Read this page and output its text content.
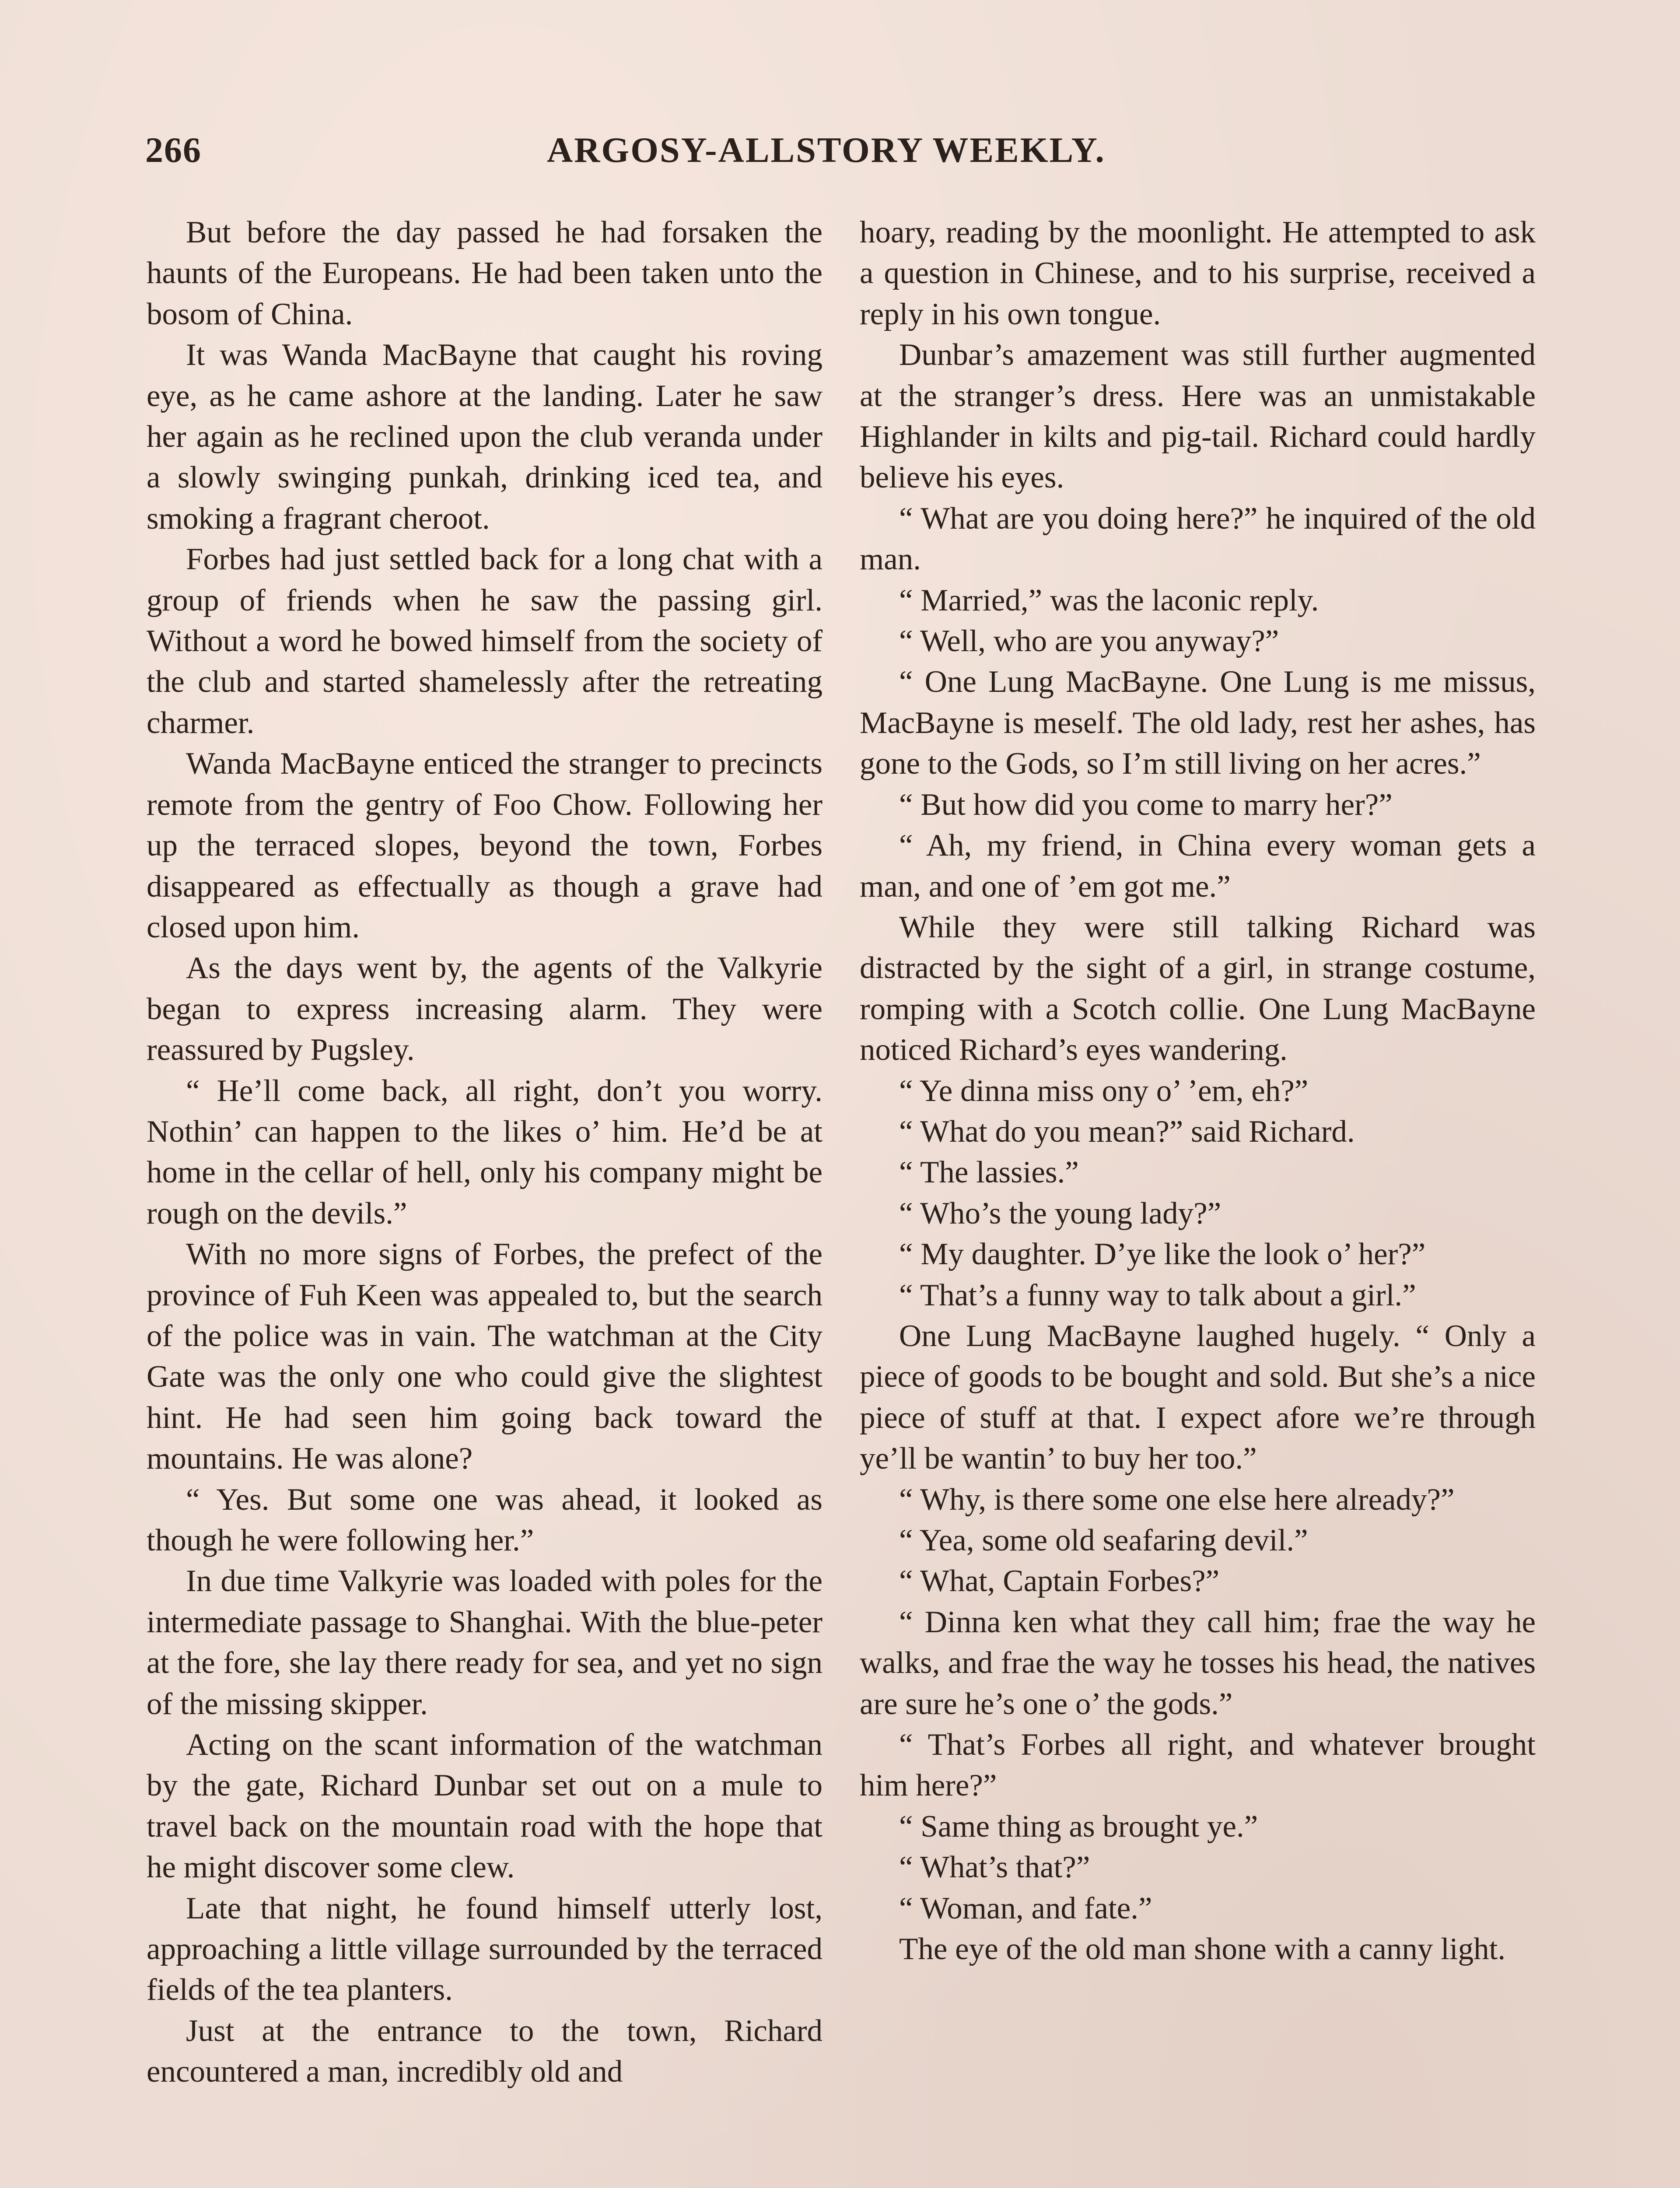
266	ARGOSY-ALLSTORY WEEKLY.

But before the day passed he had forsaken the haunts of the Europeans. He had been taken unto the bosom of China.

It was Wanda MacBayne that caught his roving eye, as he came ashore at the landing. Later he saw her again as he reclined upon the club veranda under a slowly swinging punkah, drinking iced tea, and smoking a fragrant cheroot.

Forbes had just settled back for a long chat with a group of friends when he saw the passing girl. Without a word he bowed himself from the society of the club and started shamelessly after the retreating charmer.

Wanda MacBayne enticed the stranger to precincts remote from the gentry of Foo Chow. Following her up the terraced slopes, beyond the town, Forbes disappeared as effectually as though a grave had closed upon him.

As the days went by, the agents of the Valkyrie began to express increasing alarm. They were reassured by Pugsley.

“ He’ll come back, all right, don’t you worry. Nothin’ can happen to the likes o’ him. He’d be at home in the cellar of hell, only his company might be rough on the devils.”

With no more signs of Forbes, the prefect of the province of Fuh Keen was appealed to, but the search of the police was in vain. The watchman at the City Gate was the only one who could give the slightest hint. He had seen him going back toward the mountains. He was alone?

“ Yes. But some one was ahead, it looked as though he were following her.”

In due time Valkyrie was loaded with poles for the intermediate passage to Shanghai. With the blue-peter at the fore, she lay there ready for sea, and yet no sign of the missing skipper.

Acting on the scant information of the watchman by the gate, Richard Dunbar set out on a mule to travel back on the mountain road with the hope that he might discover some clew.

Late that night, he found himself utterly lost, approaching a little village surrounded by the terraced fields of the tea planters.

Just at the entrance to the town, Richard encountered a man, incredibly old and

hoary, reading by the moonlight. He attempted to ask a question in Chinese, and to his surprise, received a reply in his own tongue.

Dunbar’s amazement was still further augmented at the stranger’s dress. Here was an unmistakable Highlander in kilts and pig-tail. Richard could hardly believe his eyes.

“ What are you doing here?” he inquired of the old man.

“ Married,” was the laconic reply.

“ Well, who are you anyway?”

“ One Lung MacBayne. One Lung is me missus, MacBayne is meself. The old lady, rest her ashes, has gone to the Gods, so I’m still living on her acres.”

“ But how did you come to marry her?”

“ Ah, my friend, in China every woman gets a man, and one of ’em got me.”

While they were still talking Richard was distracted by the sight of a girl, in strange costume, romping with a Scotch collie. One Lung MacBayne noticed Richard’s eyes wandering.

“ Ye dinna miss ony o’ ’em, eh?”

“ What do you mean?” said Richard.

“ The lassies.”

“ Who’s the young lady?”

“ My daughter. D’ye like the look o’ her?”

“ That’s a funny way to talk about a girl.”

One Lung MacBayne laughed hugely. “ Only a piece of goods to be bought and sold. But she’s a nice piece of stuff at that. I expect afore we’re through ye’ll be wantin’ to buy her too.”

“ Why, is there some one else here already?”

“ Yea, some old seafaring devil.”

“ What, Captain Forbes?”

“ Dinna ken what they call him; frae the way he walks, and frae the way he tosses his head, the natives are sure he’s one o’ the gods.”

“ That’s Forbes all right, and whatever brought him here?”

“ Same thing as brought ye.”

“ What’s that?”

“ Woman, and fate.”

The eye of the old man shone with a canny light.
